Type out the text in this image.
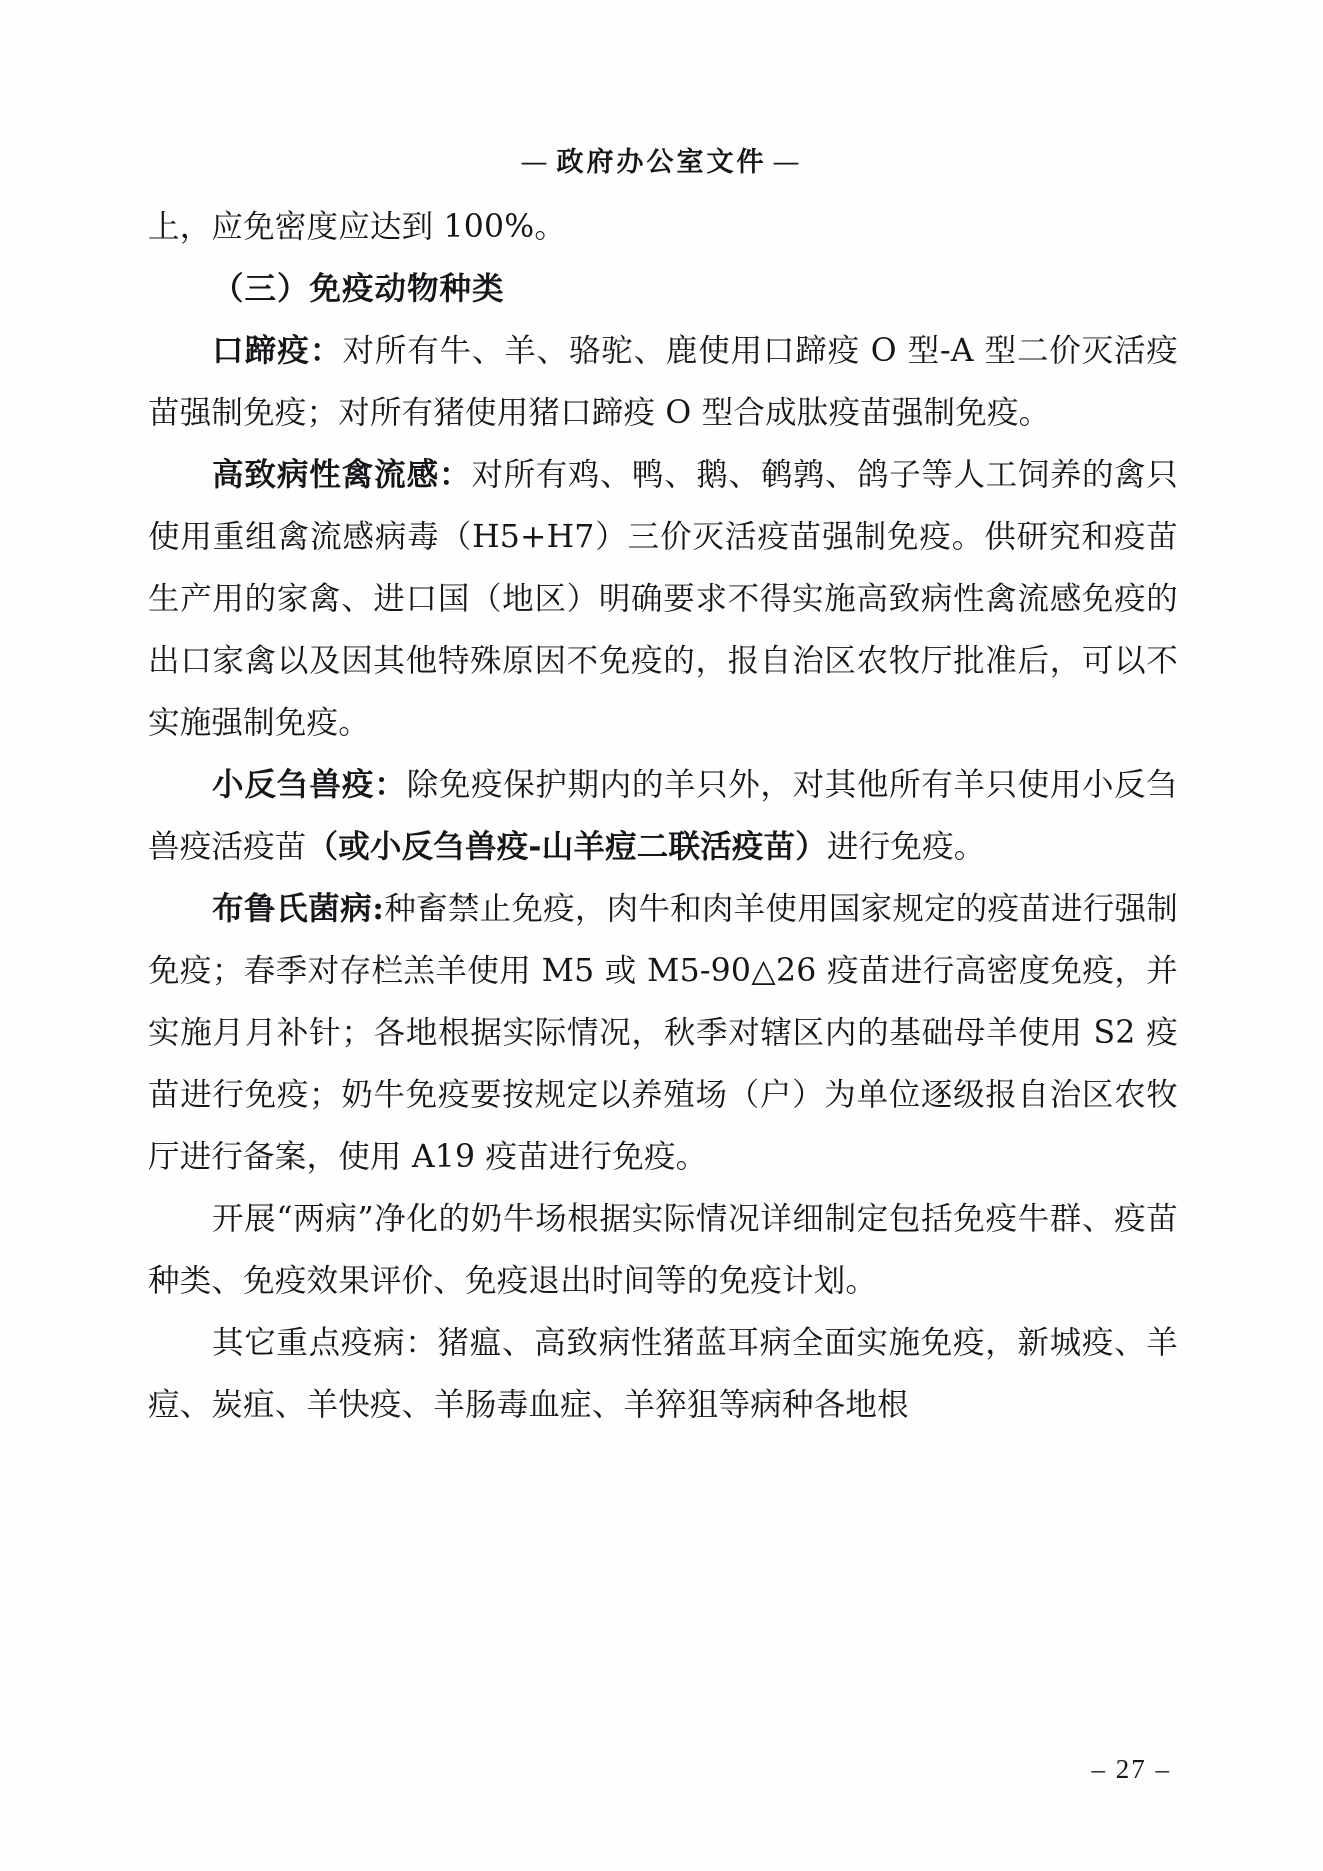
— 政府办公室文件 —

上，应免密度应达到 100%。

（三）免疫动物种类

口蹄疫：对所有牛、羊、骆驼、鹿使用口蹄疫 O 型-A 型二价灭活疫苗强制免疫；对所有猪使用猪口蹄疫 O 型合成肽疫苗强制免疫。

高致病性禽流感：对所有鸡、鸭、鹅、鹌鹑、鸽子等人工饲养的禽只使用重组禽流感病毒（H5+H7）三价灭活疫苗强制免疫。供研究和疫苗生产用的家禽、进口国（地区）明确要求不得实施高致病性禽流感免疫的出口家禽以及因其他特殊原因不免疫的，报自治区农牧厅批准后，可以不实施强制免疫。

小反刍兽疫：除免疫保护期内的羊只外，对其他所有羊只使用小反刍兽疫活疫苗（或小反刍兽疫-山羊痘二联活疫苗）进行免疫。

布鲁氏菌病:种畜禁止免疫，肉牛和肉羊使用国家规定的疫苗进行强制免疫；春季对存栏羔羊使用 M5 或 M5-90△26 疫苗进行高密度免疫，并实施月月补针；各地根据实际情况，秋季对辖区内的基础母羊使用 S2 疫苗进行免疫；奶牛免疫要按规定以养殖场（户）为单位逐级报自治区农牧厅进行备案，使用 A19 疫苗进行免疫。

开展“两病”净化的奶牛场根据实际情况详细制定包括免疫牛群、疫苗种类、免疫效果评价、免疫退出时间等的免疫计划。

其它重点疫病：猪瘟、高致病性猪蓝耳病全面实施免疫，新城疫、羊痘、炭疽、羊快疫、羊肠毒血症、羊猝狙等病种各地根

– 27 –
